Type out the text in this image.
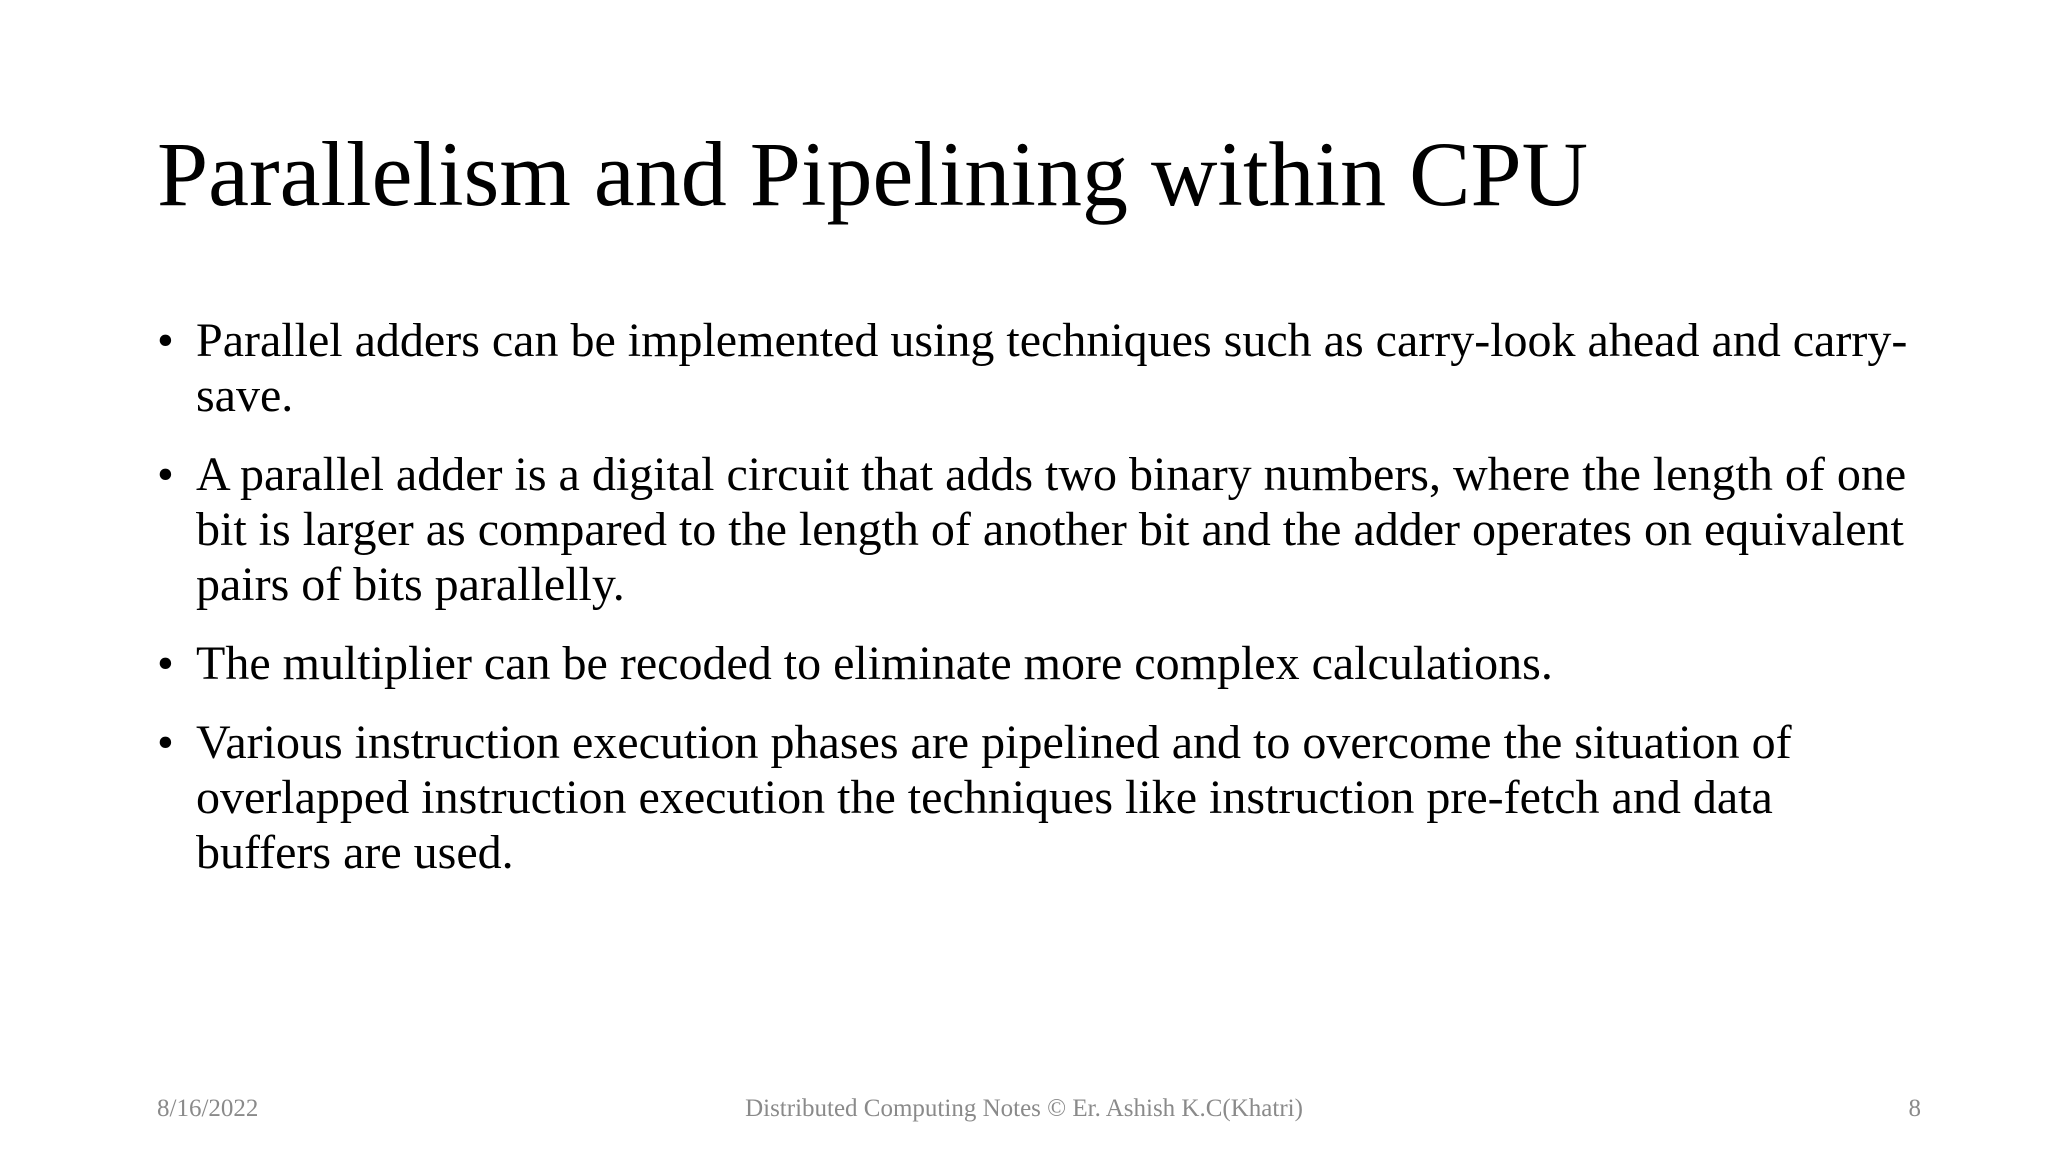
Parallelism and Pipelining within CPU
• Parallel adders can be implemented using techniques such as carry-look ahead and carry-save.
• A parallel adder is a digital circuit that adds two binary numbers, where the length of one bit is larger as compared to the length of another bit and the adder operates on equivalent pairs of bits parallelly.
• The multiplier can be recoded to eliminate more complex calculations.
• Various instruction execution phases are pipelined and to overcome the situation of overlapped instruction execution the techniques like instruction pre-fetch and data buffers are used.
8/16/2022	Distributed Computing Notes © Er. Ashish K.C(Khatri)	8
